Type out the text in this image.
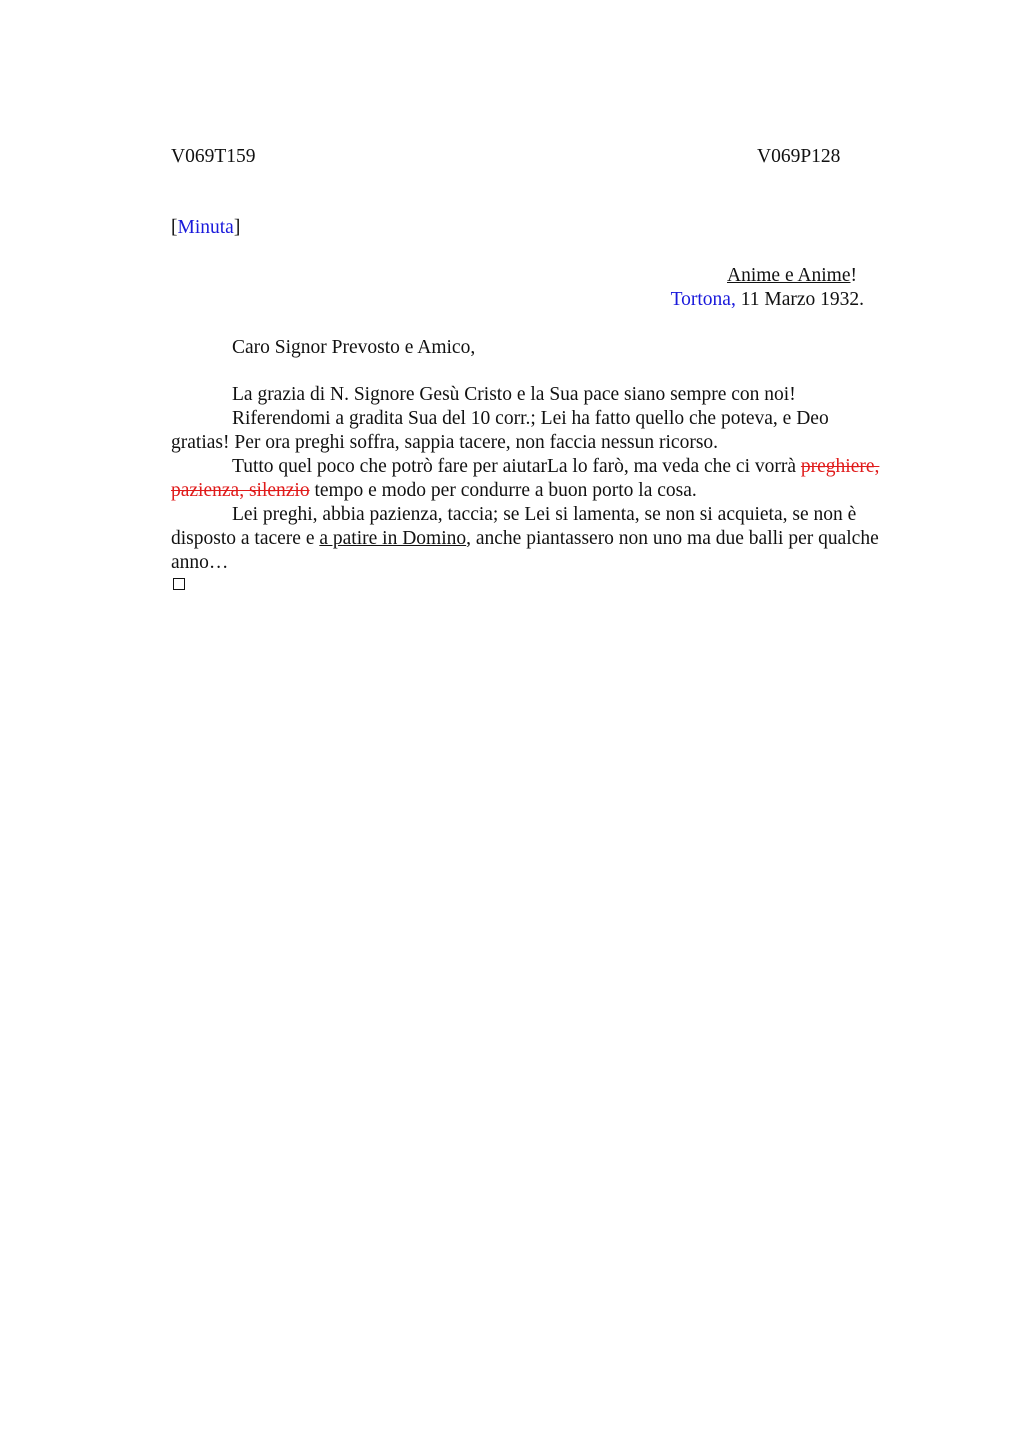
V069T159	V069P128
[Minuta]
Anime e Anime!
Tortona, 11 Marzo 1932.
Caro Signor Prevosto e Amico,
La grazia di N. Signore Gesù Cristo e la Sua pace siano sempre con noi!
Riferendomi a gradita Sua del 10 corr.; Lei ha fatto quello che poteva, e Deo
gratias! Per ora preghi soffra, sappia tacere, non faccia nessun ricorso.
Tutto quel poco che potrò fare per aiutarLa lo farò, ma veda che ci vorrà preghiere,
pazienza, silenzio tempo e modo per condurre a buon porto la cosa.
Lei preghi, abbia pazienza, taccia; se Lei si lamenta, se non si acquieta, se non è
disposto a tacere e a patire in Domino, anche piantassero non uno ma due balli per qualche
anno…
